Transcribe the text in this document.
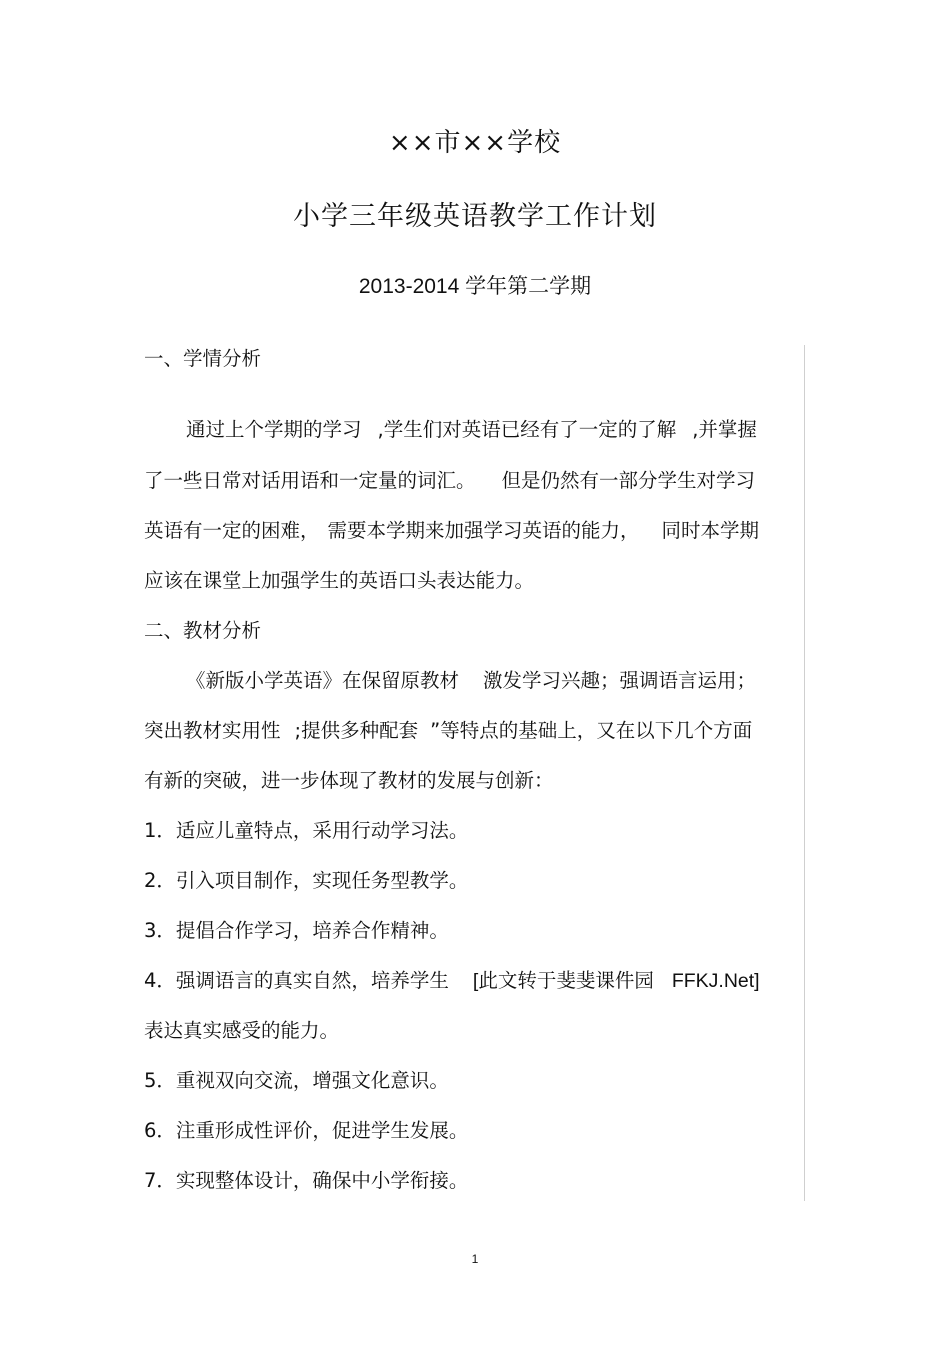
××市××学校
小学三年级英语教学工作计划
2013-2014 学年第二学期
一、学情分析
通过上个学期的学习 ,学生们对英语已经有了一定的了解 ,并掌握
了一些日常对话用语和一定量的词汇。 但是仍然有一部分学生对学习
英语有一定的困难， 需要本学期来加强学习英语的能力， 同时本学期
应该在课堂上加强学生的英语口头表达能力。
二、教材分析
《新版小学英语》在保留原教材 激发学习兴趣；强调语言运用；
突出教材实用性 ;提供多种配套 ”等特点的基础上，又在以下几个方面
有新的突破，进一步体现了教材的发展与创新：
1．适应儿童特点，采用行动学习法。
2．引入项目制作，实现任务型教学。
3．提倡合作学习，培养合作精神。
4．强调语言的真实自然，培养学生 [此文转于斐斐课件园 FFKJ.Net]
表达真实感受的能力。
5．重视双向交流，增强文化意识。
6．注重形成性评价，促进学生发展。
7．实现整体设计，确保中小学衔接。
1
